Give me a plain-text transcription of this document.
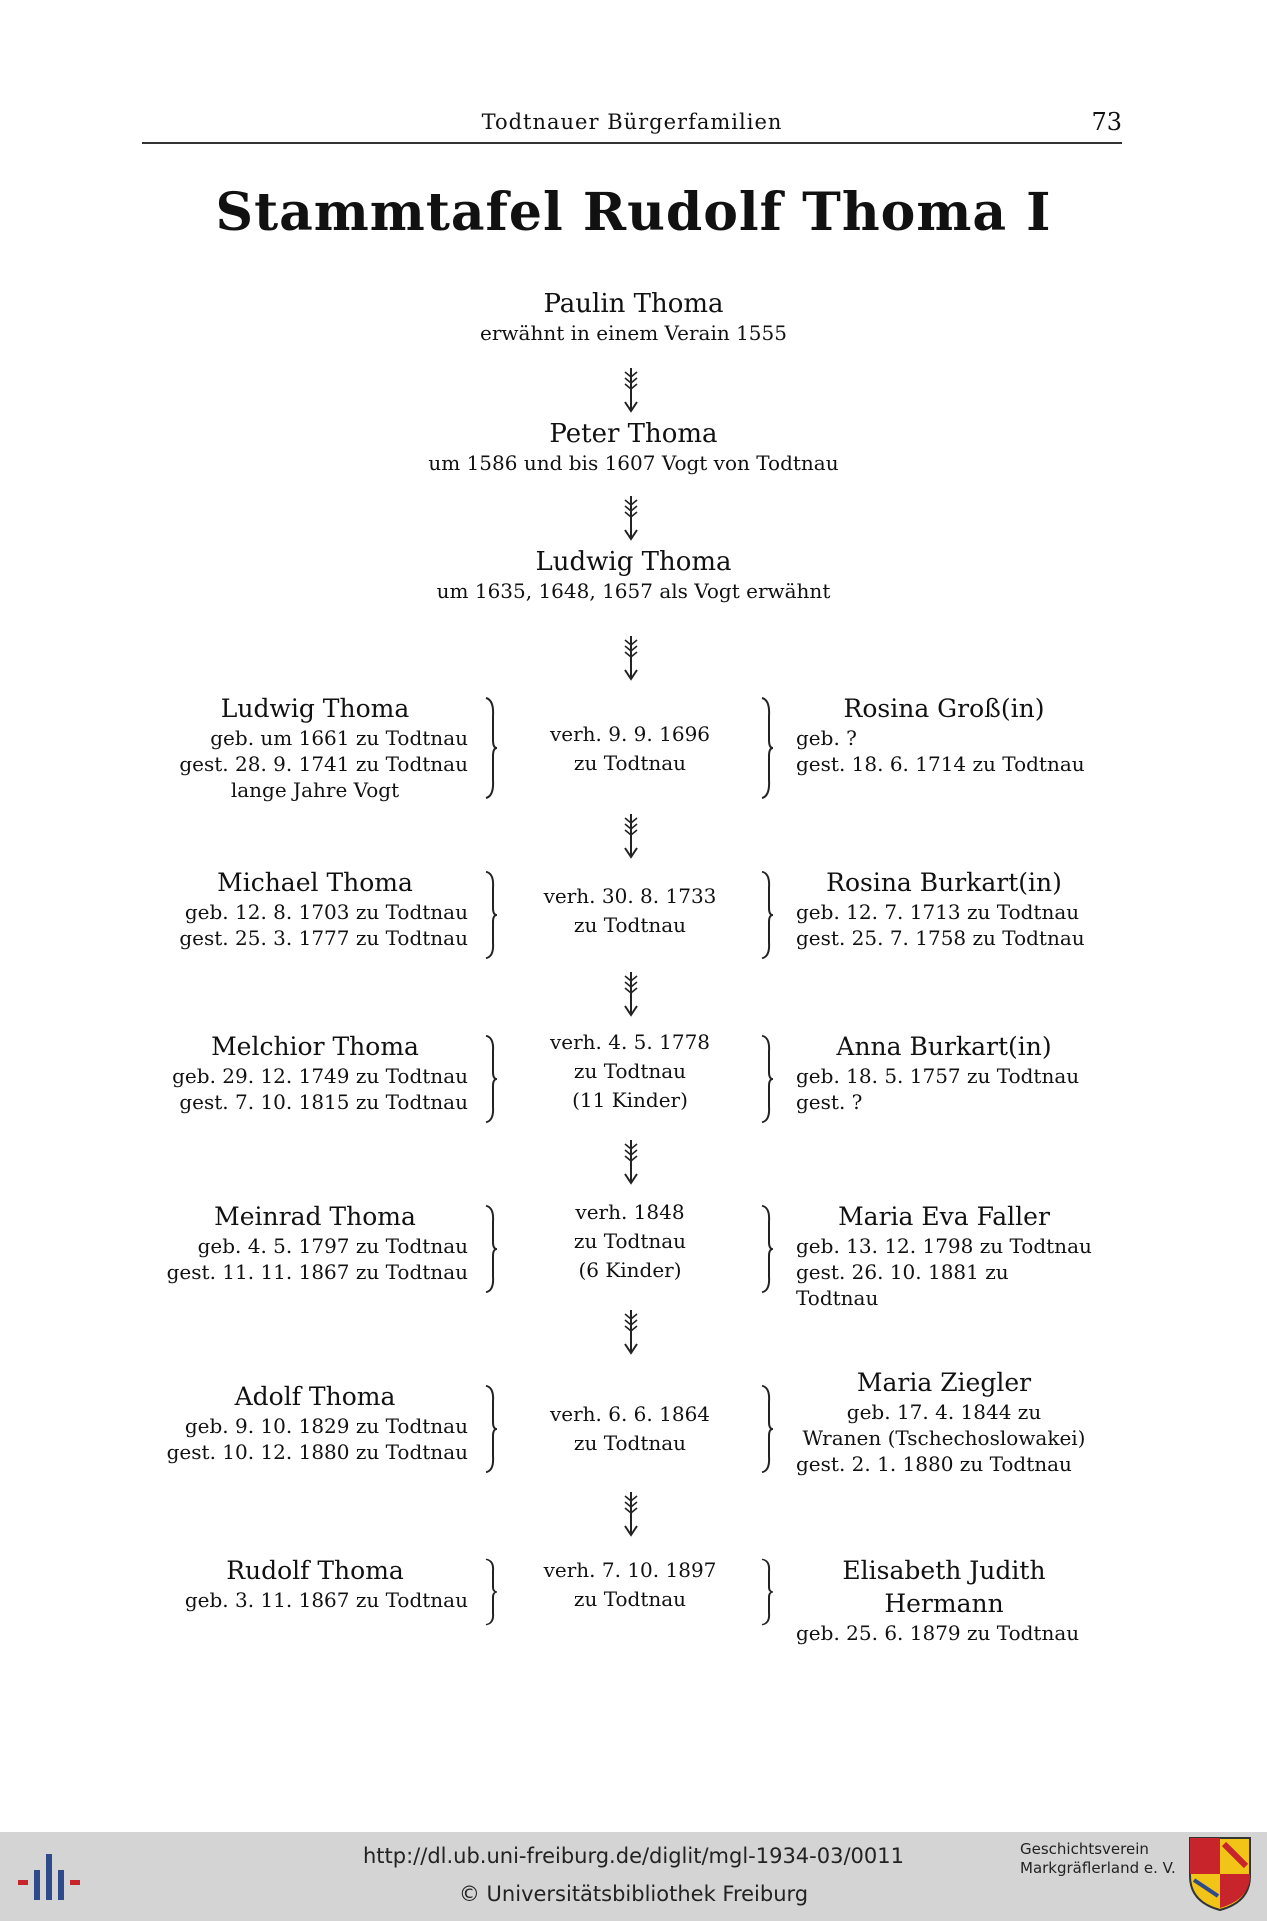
Todtnauer Bürgerfamilien	73
Stammtafel Rudolf Thoma I
Paulin Thoma
erwähnt in einem Verain 1555
Peter Thoma
um 1586 und bis 1607 Vogt von Todtnau
Ludwig Thoma
um 1635, 1648, 1657 als Vogt erwähnt
Ludwig Thoma
geb. um 1661 zu Todtnau
gest. 28. 9. 1741 zu Todtnau
lange Jahre Vogt
verh. 9. 9. 1696
zu Todtnau
Rosina Groß(in)
geb. ?
gest. 18. 6. 1714 zu Todtnau
Michael Thoma
geb. 12. 8. 1703 zu Todtnau
gest. 25. 3. 1777 zu Todtnau
verh. 30. 8. 1733
zu Todtnau
Rosina Burkart(in)
geb. 12. 7. 1713 zu Todtnau
gest. 25. 7. 1758 zu Todtnau
Melchior Thoma
geb. 29. 12. 1749 zu Todtnau
gest. 7. 10. 1815 zu Todtnau
verh. 4. 5. 1778
zu Todtnau
(11 Kinder)
Anna Burkart(in)
geb. 18. 5. 1757 zu Todtnau
gest. ?
Meinrad Thoma
geb. 4. 5. 1797 zu Todtnau
gest. 11. 11. 1867 zu Todtnau
verh. 1848
zu Todtnau
(6 Kinder)
Maria Eva Faller
geb. 13. 12. 1798 zu Todtnau
gest. 26. 10. 1881 zu Todtnau
Adolf Thoma
geb. 9. 10. 1829 zu Todtnau
gest. 10. 12. 1880 zu Todtnau
verh. 6. 6. 1864
zu Todtnau
Maria Ziegler
geb. 17. 4. 1844 zu
Wranen (Tschechoslowakei)
gest. 2. 1. 1880 zu Todtnau
Rudolf Thoma
geb. 3. 11. 1867 zu Todtnau
verh. 7. 10. 1897
zu Todtnau
Elisabeth Judith Hermann
geb. 25. 6. 1879 zu Todtnau
http://dl.ub.uni-freiburg.de/diglit/mgl-1934-03/0011
© Universitätsbibliothek Freiburg
Geschichtsverein
Markgräflerland e. V.
